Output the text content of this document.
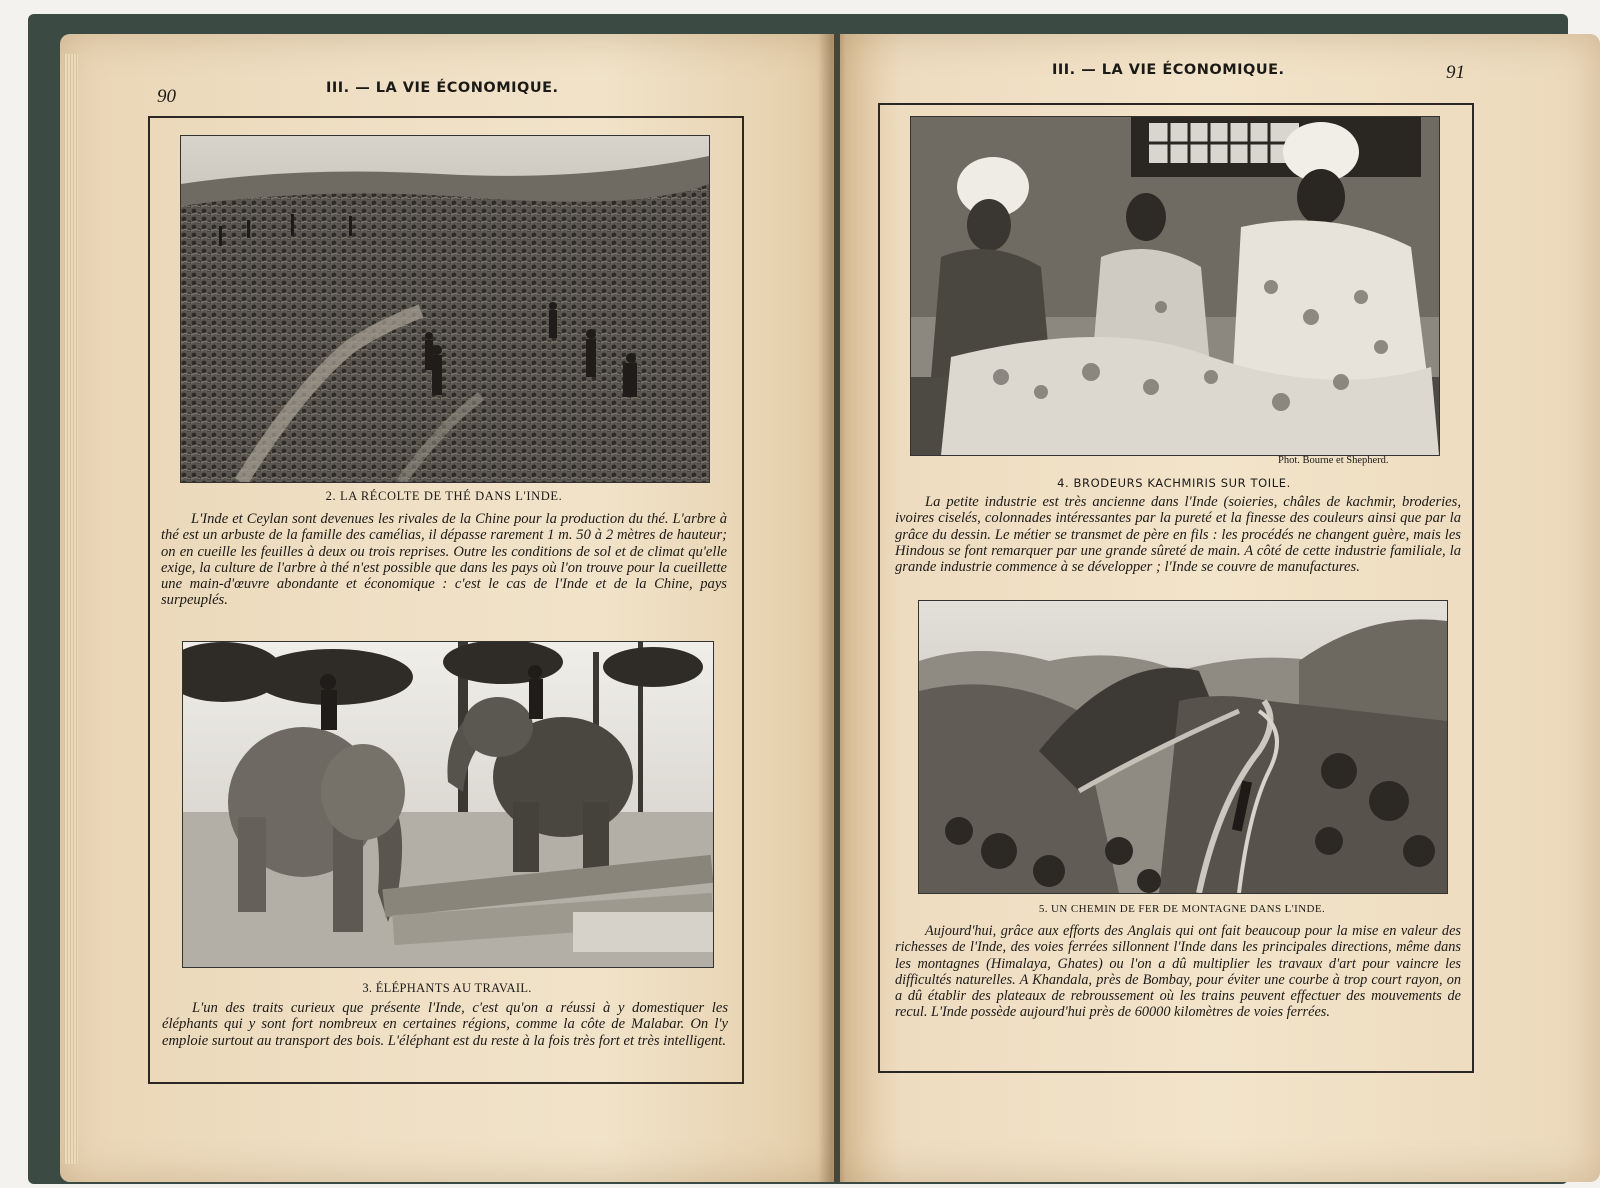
90	III. — LA VIE ÉCONOMIQUE.
2. LA RÉCOLTE DE THÉ DANS L'INDE.

L'Inde et Ceylan sont devenues les rivales de la Chine pour la production du thé. L'arbre à thé est un arbuste de la famille des camélias, il dépasse rarement 1 m. 50 à 2 mètres de hauteur; on en cueille les feuilles à deux ou trois reprises. Outre les conditions de sol et de climat qu'elle exige, la culture de l'arbre à thé n'est possible que dans les pays où l'on trouve pour la cueillette une main-d'œuvre abondante et économique : c'est le cas de l'Inde et de la Chine, pays surpeuplés.

3. ÉLÉPHANTS AU TRAVAIL.

L'un des traits curieux que présente l'Inde, c'est qu'on a réussi à y domestiquer les éléphants qui y sont fort nombreux en certaines régions, comme la côte de Malabar. On l'y emploie surtout au transport des bois. L'éléphant est du reste à la fois très fort et très intelligent.

III. — LA VIE ÉCONOMIQUE.	91
Phot. Bourne et Shepherd.
4. BRODEURS KACHMIRIS SUR TOILE.

La petite industrie est très ancienne dans l'Inde (soieries, châles de kachmir, broderies, ivoires ciselés, colonnades intéressantes par la pureté et la finesse des couleurs ainsi que par la grâce du dessin. Le métier se transmet de père en fils : les procédés ne changent guère, mais les Hindous se font remarquer par une grande sûreté de main. A côté de cette industrie familiale, la grande industrie commence à se développer ; l'Inde se couvre de manufactures.

5. UN CHEMIN DE FER DE MONTAGNE DANS L'INDE.

Aujourd'hui, grâce aux efforts des Anglais qui ont fait beaucoup pour la mise en valeur des richesses de l'Inde, des voies ferrées sillonnent l'Inde dans les principales directions, même dans les montagnes (Himalaya, Ghates) ou l'on a dû multiplier les travaux d'art pour vaincre les difficultés naturelles. A Khandala, près de Bombay, pour éviter une courbe à trop court rayon, on a dû établir des plateaux de rebroussement où les trains peuvent effectuer des mouvements de recul. L'Inde possède aujourd'hui près de 60000 kilomètres de voies ferrées.
